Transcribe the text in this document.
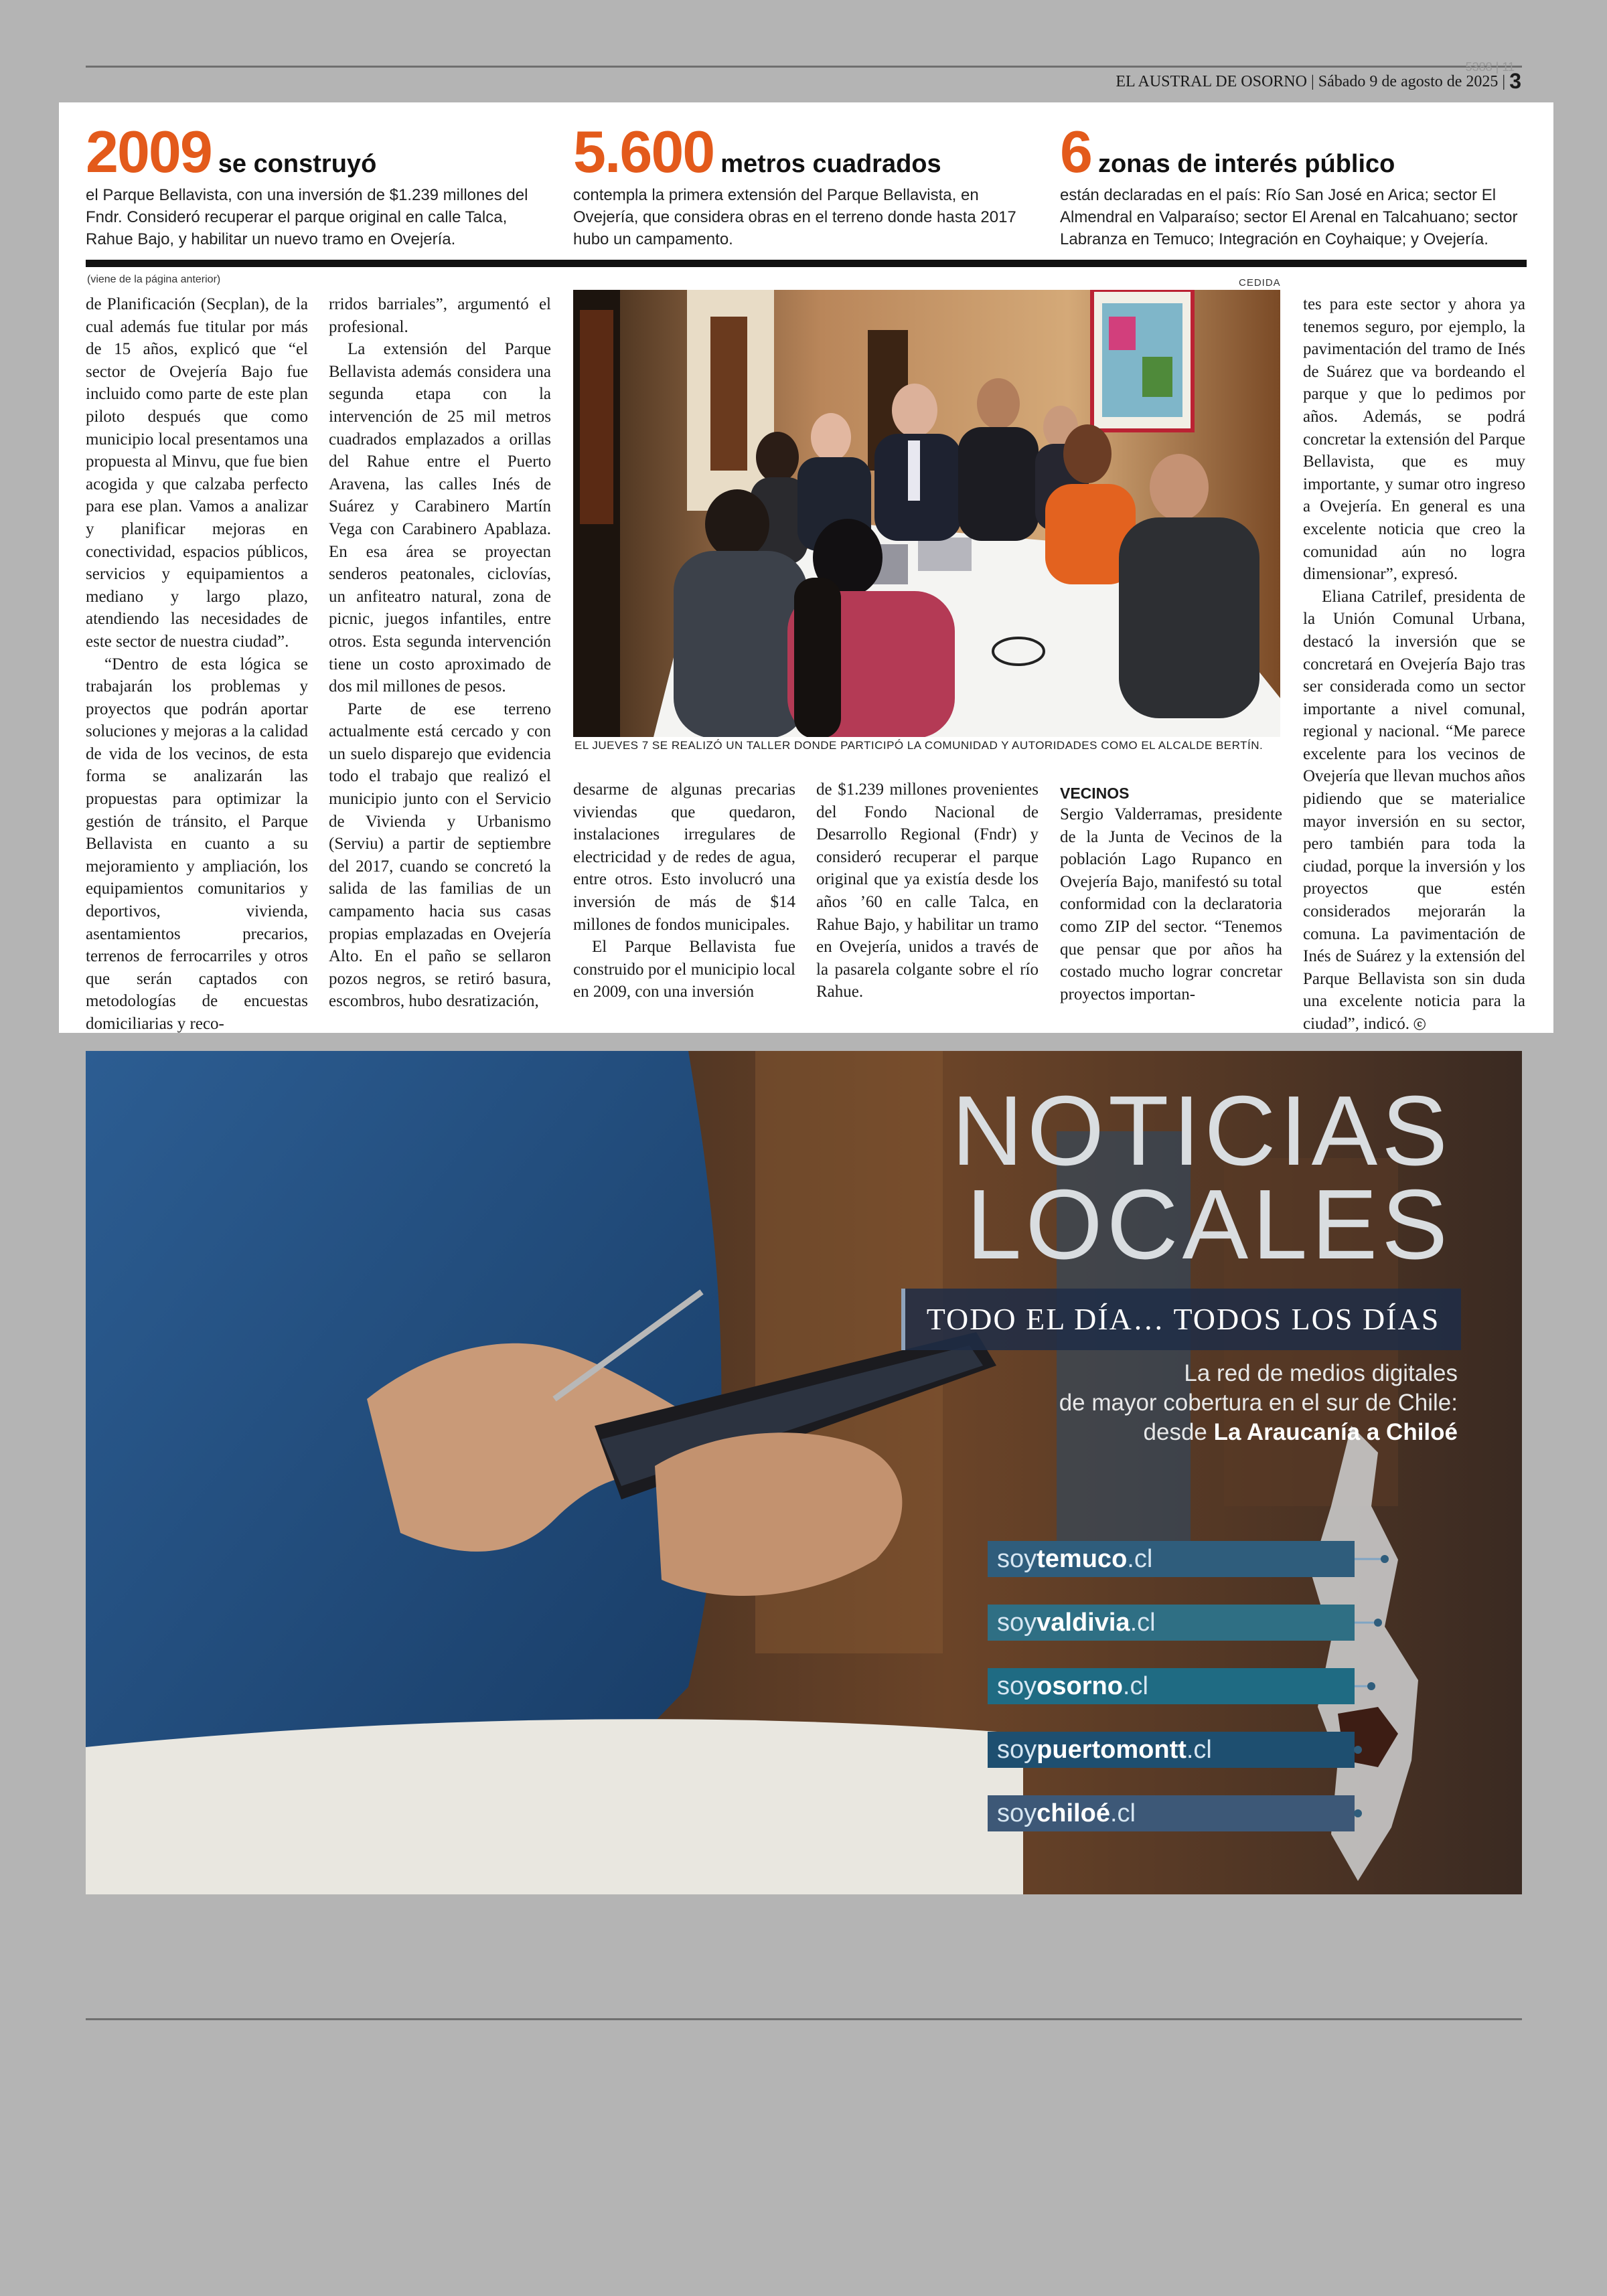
5388 | 11
EL AUSTRAL DE OSORNO | Sábado 9 de agosto de 2025 | 3
2009 se construyó

el Parque Bellavista, con una inversión de $1.239 millones del Fndr. Consideró recuperar el parque original en calle Talca, Rahue Bajo, y habilitar un nuevo tramo en Ovejería.

5.600 metros cuadrados

contempla la primera extensión del Parque Bellavista, en Ovejería, que considera obras en el terreno donde hasta 2017 hubo un campamento.

6 zonas de interés público

están declaradas en el país: Río San José en Arica; sector El Almendral en Valparaíso; sector El Arenal en Talcahuano; sector Labranza en Temuco; Integración en Coyhaique; y Ovejería.

(viene de la página anterior)	CEDIDA

de Planificación (Secplan), de la cual además fue titular por más de 15 años, explicó que “el sector de Ovejería Bajo fue incluido como parte de este plan piloto después que como municipio local presentamos una propuesta al Minvu, que fue bien acogida y que calzaba perfecto para ese plan. Vamos a analizar y planificar mejoras en conectividad, espacios públicos, servicios y equipamientos a mediano y largo plazo, atendiendo las necesidades de este sector de nuestra ciudad”.

“Dentro de esta lógica se trabajarán los problemas y proyectos que podrán aportar soluciones y mejoras a la calidad de vida de los vecinos, de esta forma se analizarán las propuestas para optimizar la gestión de tránsito, el Parque Bellavista en cuanto a su mejoramiento y ampliación, los equipamientos comunitarios y deportivos, vivienda, asentamientos precarios, terrenos de ferrocarriles y otros que serán captados con metodologías de encuestas domiciliarias y reco-

rridos barriales”, argumentó el profesional.

La extensión del Parque Bellavista además considera una segunda etapa con la intervención de 25 mil metros cuadrados emplazados a orillas del Rahue entre el Puerto Aravena, las calles Inés de Suárez y Carabinero Martín Vega con Carabinero Apablaza. En esa área se proyectan senderos peatonales, ciclovías, un anfiteatro natural, zona de picnic, juegos infantiles, entre otros. Esta segunda intervención tiene un costo aproximado de dos mil millones de pesos.

Parte de ese terreno actualmente está cercado y con un suelo disparejo que evidencia todo el trabajo que realizó el municipio junto con el Servicio de Vivienda y Urbanismo (Serviu) a partir de septiembre del 2017, cuando se concretó la salida de las familias de un campamento hacia sus casas propias emplazadas en Ovejería Alto. En el paño se sellaron pozos negros, se retiró basura, escombros, hubo desratización,

EL JUEVES 7 SE REALIZÓ UN TALLER DONDE PARTICIPÓ LA COMUNIDAD Y AUTORIDADES COMO EL ALCALDE BERTÍN.

desarme de algunas precarias viviendas que quedaron, instalaciones irregulares de electricidad y de redes de agua, entre otros. Esto involucró una inversión de más de $14 millones de fondos municipales.

El Parque Bellavista fue construido por el municipio local en 2009, con una inversión

de $1.239 millones provenientes del Fondo Nacional de Desarrollo Regional (Fndr) y consideró recuperar el parque original que ya existía desde los años ’60 en calle Talca, en Rahue Bajo, y habilitar un tramo en Ovejería, unidos a través de la pasarela colgante sobre el río Rahue.

VECINOS

Sergio Valderramas, presidente de la Junta de Vecinos de la población Lago Rupanco en Ovejería Bajo, manifestó su total conformidad con la declaratoria como ZIP del sector. “Tenemos que pensar que por años ha costado mucho lograr concretar proyectos importan-

tes para este sector y ahora ya tenemos seguro, por ejemplo, la pavimentación del tramo de Inés de Suárez que va bordeando el parque y que lo pedimos por años. Además, se podrá concretar la extensión del Parque Bellavista, que es muy importante, y sumar otro ingreso a Ovejería. En general es una excelente noticia que creo la comunidad aún no logra dimensionar”, expresó.

Eliana Catrilef, presidenta de la Unión Comunal Urbana, destacó la inversión que se concretará en Ovejería Bajo tras ser considerada como un sector importante a nivel comunal, regional y nacional. “Me parece excelente para los vecinos de Ovejería que llevan muchos años pidiendo que se materialice mayor inversión en su sector, pero también para toda la ciudad, porque la inversión y los proyectos que estén considerados mejorarán la comuna. La pavimentación de Inés de Suárez y la extensión del Parque Bellavista son sin duda una excelente noticia para la ciudad”, indicó. ⓒ

NOTICIAS
LOCALES
TODO EL DÍA… TODOS LOS DÍAS
La red de medios digitales
de mayor cobertura en el sur de Chile:
desde La Araucanía a Chiloé
soytemuco.cl
soyvaldivia.cl
soyosorno.cl
soypuertomontt.cl
soychiloé.cl
